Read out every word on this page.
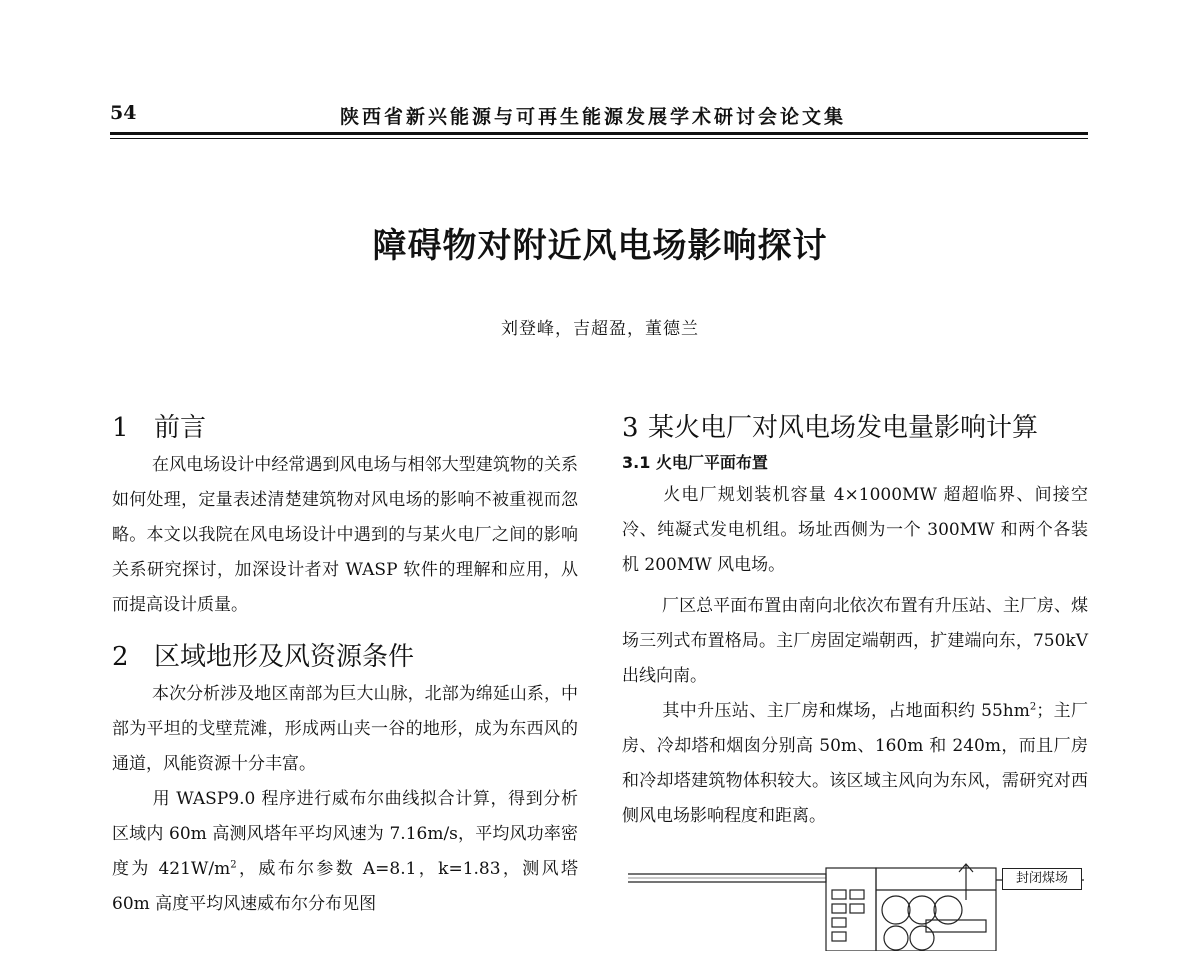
54	陕西省新兴能源与可再生能源发展学术研讨会论文集
障碍物对附近风电场影响探讨
刘登峰，吉超盈，董德兰
1 前言

在风电场设计中经常遇到风电场与相邻大型建筑物的关系如何处理，定量表述清楚建筑物对风电场的影响不被重视而忽略。本文以我院在风电场设计中遇到的与某火电厂之间的影响关系研究探讨，加深设计者对 WASP 软件的理解和应用，从而提高设计质量。

2 区域地形及风资源条件

本次分析涉及地区南部为巨大山脉，北部为绵延山系，中部为平坦的戈壁荒滩，形成两山夹一谷的地形，成为东西风的通道，风能资源十分丰富。

用 WASP9.0 程序进行威布尔曲线拟合计算，得到分析区域内 60m 高测风塔年平均风速为 7.16m/s，平均风功率密度为 $421W/m^2$，威布尔参数 A=8.1，k=1.83，测风塔 60m 高度平均风速威布尔分布见图

3 某火电厂对风电场发电量影响计算
3.1 火电厂平面布置

火电厂规划装机容量 4×1000MW 超超临界、间接空冷、纯凝式发电机组。场址西侧为一个 300MW 和两个各装机 200MW 风电场。

厂区总平面布置由南向北依次布置有升压站、主厂房、煤场三列式布置格局。主厂房固定端朝西，扩建端向东，750kV 出线向南。

其中升压站、主厂房和煤场，占地面积约 $55hm^2$；主厂房、冷却塔和烟囱分别高 50m、160m 和 240m，而且厂房和冷却塔建筑物体积较大。该区域主风向为东风，需研究对西侧风电场影响程度和距离。

封闭煤场
